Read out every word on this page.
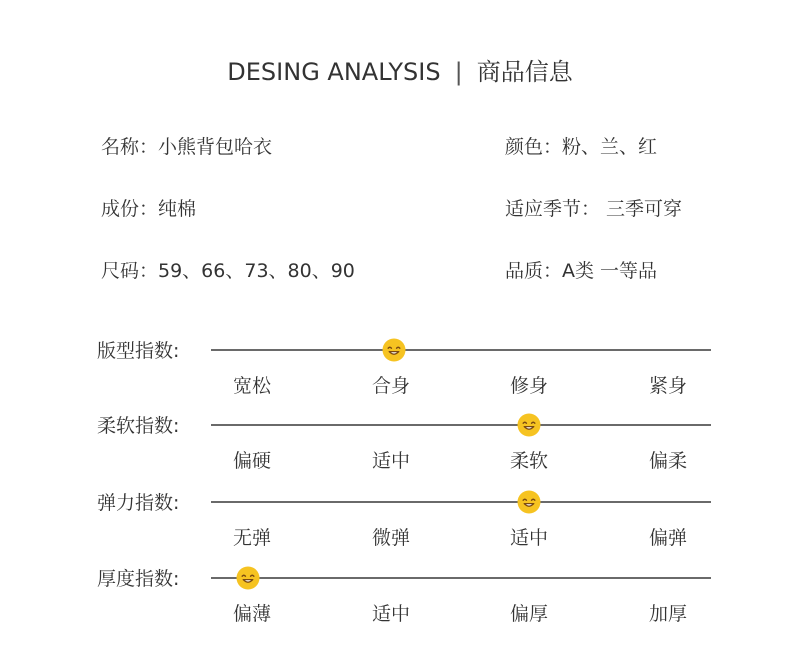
DESING ANALYSIS | 商品信息
名称：小熊背包哈衣	颜色：粉、兰、红
成份：纯棉	适应季节： 三季可穿
尺码：59、66、73、80、90	品质：A类 一等品
版型指数:
宽松	合身	修身	紧身
柔软指数:
偏硬	适中	柔软	偏柔
弹力指数:
无弹	微弹	适中	偏弹
厚度指数:
偏薄	适中	偏厚	加厚
